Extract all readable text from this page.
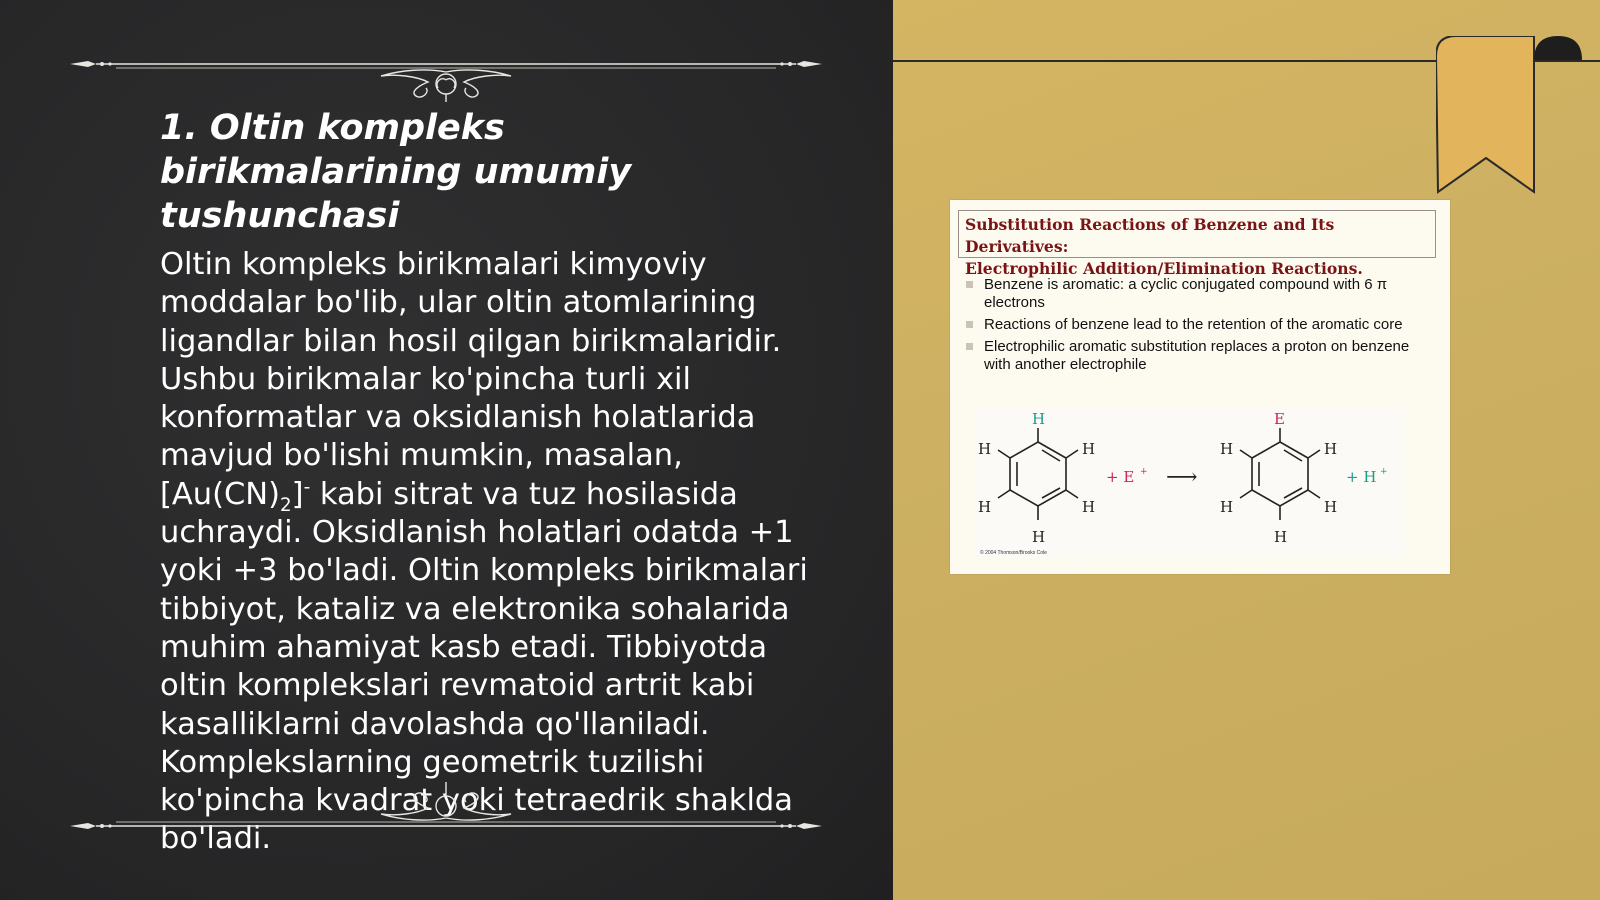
1. Oltin kompleks birikmalarining umumiy tushunchasi

Oltin kompleks birikmalari kimyoviy moddalar bo'lib, ular oltin atomlarining ligandlar bilan hosil qilgan birikmalaridir. Ushbu birikmalar ko'pincha turli xil konformatlar va oksidlanish holatlarida mavjud bo'lishi mumkin, masalan, $[Au(CN)_2]^-$ kabi sitrat va tuz hosilasida uchraydi. Oksidlanish holatlari odatda +1 yoki +3 bo'ladi. Oltin kompleks birikmalari tibbiyot, kataliz va elektronika sohalarida muhim ahamiyat kasb etadi. Tibbiyotda oltin komplekslari revmatoid artrit kabi kasalliklarni davolashda qo'llaniladi. Komplekslarning geometrik tuzilishi ko'pincha kvadrat yoki tetraedrik shaklda bo'ladi.

Substitution Reactions of Benzene and Its Derivatives:
Electrophilic Addition/Elimination Reactions.
Benzene is aromatic: a cyclic conjugated compound with 6 π electrons
Reactions of benzene lead to the retention of the aromatic core
Electrophilic aromatic substitution replaces a proton on benzene with another electrophile
H
H	H
H	H
H
+ E + ⟶
E
H	H
H	H
H
+ H +
© 2004 Thomson/Brooks Cole
